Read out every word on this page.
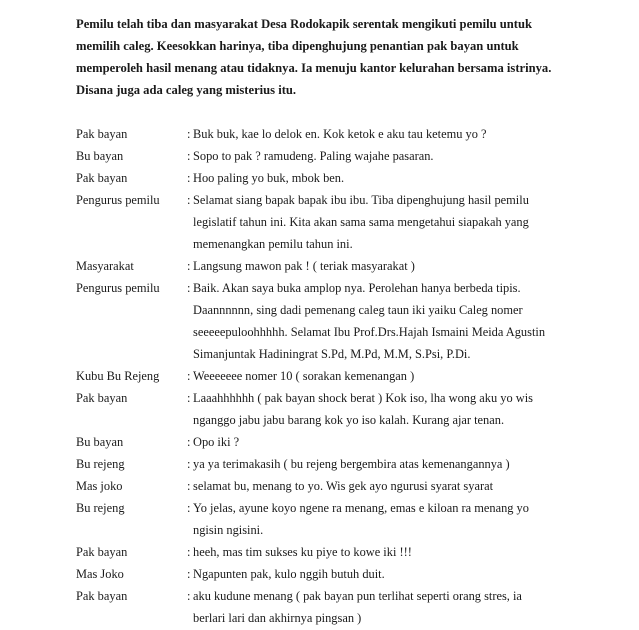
Pemilu telah tiba dan masyarakat Desa Rodokapik serentak mengikuti pemilu untuk
memilih caleg. Keesokkan harinya, tiba dipenghujung penantian pak bayan untuk
memperoleh hasil menang atau tidaknya. Ia menuju kantor kelurahan bersama istrinya.
Disana juga ada caleg yang misterius itu.
Pak bayan	: Buk buk, kae lo delok en. Kok ketok e aku tau ketemu yo ?
Bu bayan	: Sopo to pak ? ramudeng. Paling wajahe pasaran.
Pak bayan	: Hoo paling yo buk, mbok ben.
Pengurus pemilu	: Selamat siang bapak bapak ibu ibu. Tiba dipenghujung hasil pemilu
legislatif tahun ini. Kita akan sama sama mengetahui siapakah yang
memenangkan pemilu tahun ini.
Masyarakat	: Langsung mawon pak ! ( teriak masyarakat )
Pengurus pemilu	: Baik. Akan saya buka amplop nya. Perolehan hanya berbeda tipis.
Daannnnnn, sing dadi pemenang caleg taun iki yaiku Caleg nomer
seeeeepuloohhhhh. Selamat Ibu Prof.Drs.Hajah Ismaini Meida Agustin
Simanjuntak Hadiningrat S.Pd, M.Pd, M.M, S.Psi, P.Di.
Kubu Bu Rejeng	: Weeeeeee nomer 10 ( sorakan kemenangan )
Pak bayan	: Laaahhhhhh ( pak bayan shock berat ) Kok iso, lha wong aku yo wis
nganggo jabu jabu barang kok yo iso kalah. Kurang ajar tenan.
Bu bayan	: Opo iki ?
Bu rejeng	: ya ya terimakasih ( bu rejeng bergembira atas kemenangannya )
Mas joko	: selamat bu, menang to yo. Wis gek ayo ngurusi syarat syarat
Bu rejeng	: Yo jelas, ayune koyo ngene ra menang, emas e kiloan ra menang yo
ngisin ngisini.
Pak bayan	: heeh, mas tim sukses ku piye to kowe iki !!!
Mas Joko	: Ngapunten pak, kulo nggih butuh duit.
Pak bayan	: aku kudune menang ( pak bayan pun terlihat seperti orang stres, ia
berlari lari dan akhirnya pingsan )
